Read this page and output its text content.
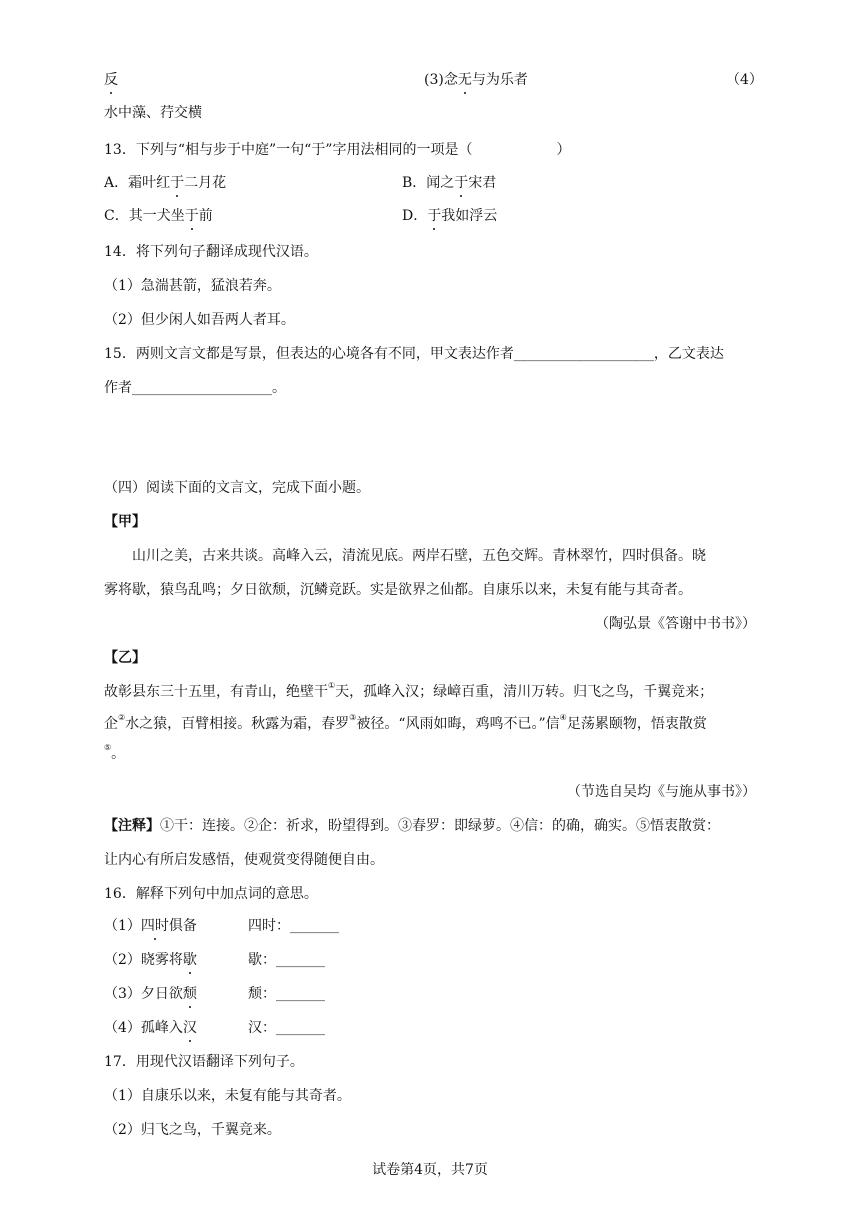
反	(3)念无与为乐者	（4）
水中藻、荇交横
13．下列与“相与步于中庭”一句“于”字用法相同的一项是（　　　　　　）
A．霜叶红于二月花	B．闻之于宋君
C．其一犬坐于前	D．于我如浮云
14．将下列句子翻译成现代汉语。
（1）急湍甚箭，猛浪若奔。
（2）但少闲人如吾两人者耳。
15．两则文言文都是写景，但表达的心境各有不同，甲文表达作者____________________，乙文表达
作者____________________。
（四）阅读下面的文言文，完成下面小题。
【甲】
山川之美，古来共谈。高峰入云，清流见底。两岸石壁，五色交辉。青林翠竹，四时俱备。晓
雾将歇，猿鸟乱鸣；夕日欲颓，沉鳞竞跃。实是欲界之仙都。自康乐以来，未复有能与其奇者。
（陶弘景《答谢中书书》）
【乙】
故彰县东三十五里，有青山，绝壁干①天，孤峰入汉；绿嶂百重，清川万转。归飞之鸟，千翼竞来；
企②水之猿，百臂相接。秋露为霜，春罗③被径。“风雨如晦，鸡鸣不已。”信④足荡累颐物，悟衷散赏
⑤。
（节选自吴均《与施从事书》）
【注释】①干：连接。②企：祈求，盼望得到。③春罗：即绿萝。④信：的确，确实。⑤悟衷散赏：
让内心有所启发感悟，使观赏变得随便自由。
16．解释下列句中加点词的意思。
（1）四时俱备	四时：_______
（2）晓雾将歇	歇：_______
（3）夕日欲颓	颓：_______
（4）孤峰入汉	汉：_______
17．用现代汉语翻译下列句子。
（1）自康乐以来，未复有能与其奇者。
（2）归飞之鸟，千翼竞来。
试卷第4页，共7页
